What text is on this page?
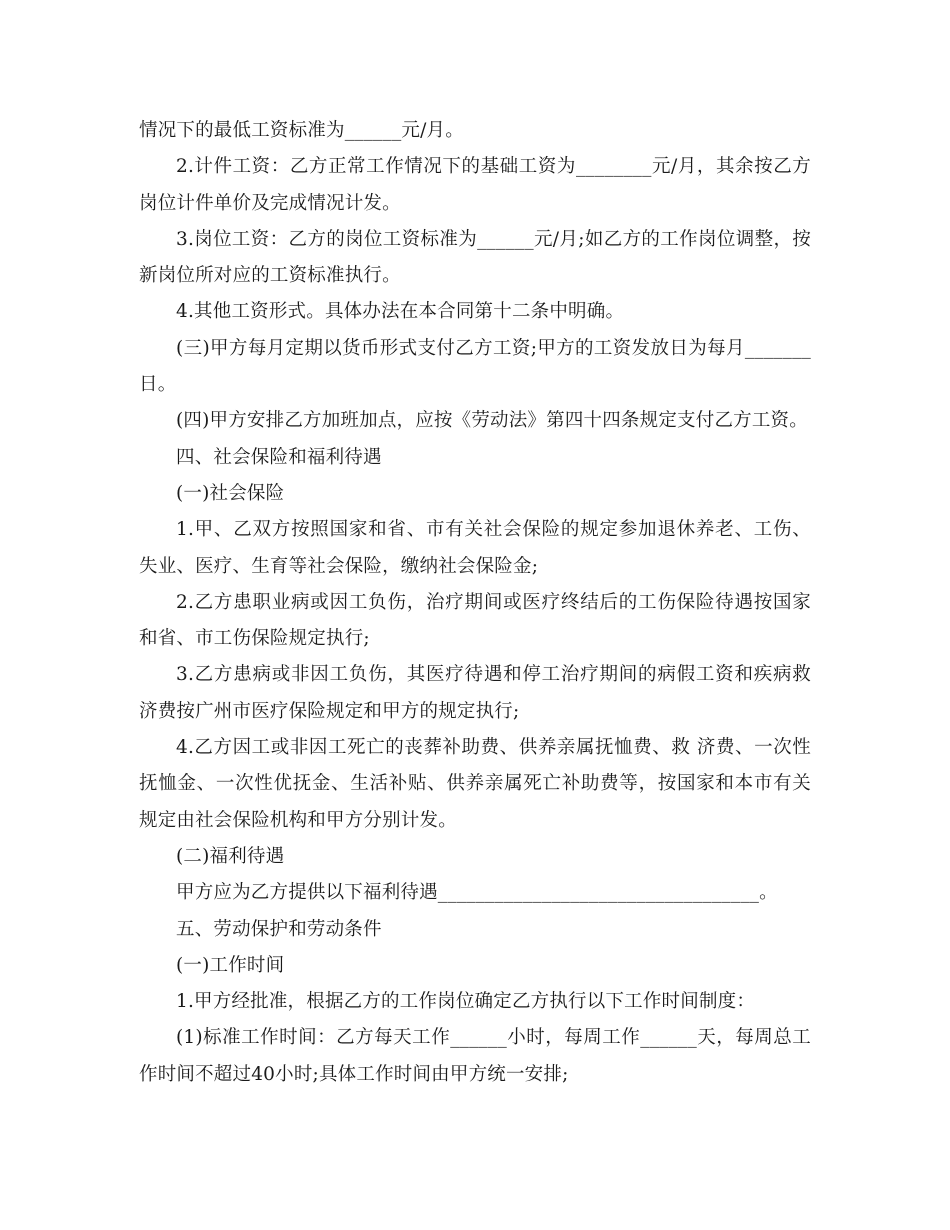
情况下的最低工资标准为______元/月。

2.计件工资：乙方正常工作情况下的基础工资为________元/月，其余按乙方岗位计件单价及完成情况计发。

3.岗位工资：乙方的岗位工资标准为______元/月;如乙方的工作岗位调整，按新岗位所对应的工资标准执行。

4.其他工资形式。具体办法在本合同第十二条中明确。

(三)甲方每月定期以货币形式支付乙方工资;甲方的工资发放日为每月_______日。

(四)甲方安排乙方加班加点，应按《劳动法》第四十四条规定支付乙方工资。

四、社会保险和福利待遇

(一)社会保险

1.甲、乙双方按照国家和省、市有关社会保险的规定参加退休养老、工伤、失业、医疗、生育等社会保险，缴纳社会保险金;

2.乙方患职业病或因工负伤，治疗期间或医疗终结后的工伤保险待遇按国家和省、市工伤保险规定执行;

3.乙方患病或非因工负伤，其医疗待遇和停工治疗期间的病假工资和疾病救济费按广州市医疗保险规定和甲方的规定执行;

4.乙方因工或非因工死亡的丧葬补助费、供养亲属抚恤费、救 济费、一次性抚恤金、一次性优抚金、生活补贴、供养亲属死亡补助费等，按国家和本市有关规定由社会保险机构和甲方分别计发。

(二)福利待遇

甲方应为乙方提供以下福利待遇__________________________________。

五、劳动保护和劳动条件

(一)工作时间

1.甲方经批准，根据乙方的工作岗位确定乙方执行以下工作时间制度：

(1)标准工作时间：乙方每天工作______小时，每周工作______天，每周总工作时间不超过40小时;具体工作时间由甲方统一安排;
